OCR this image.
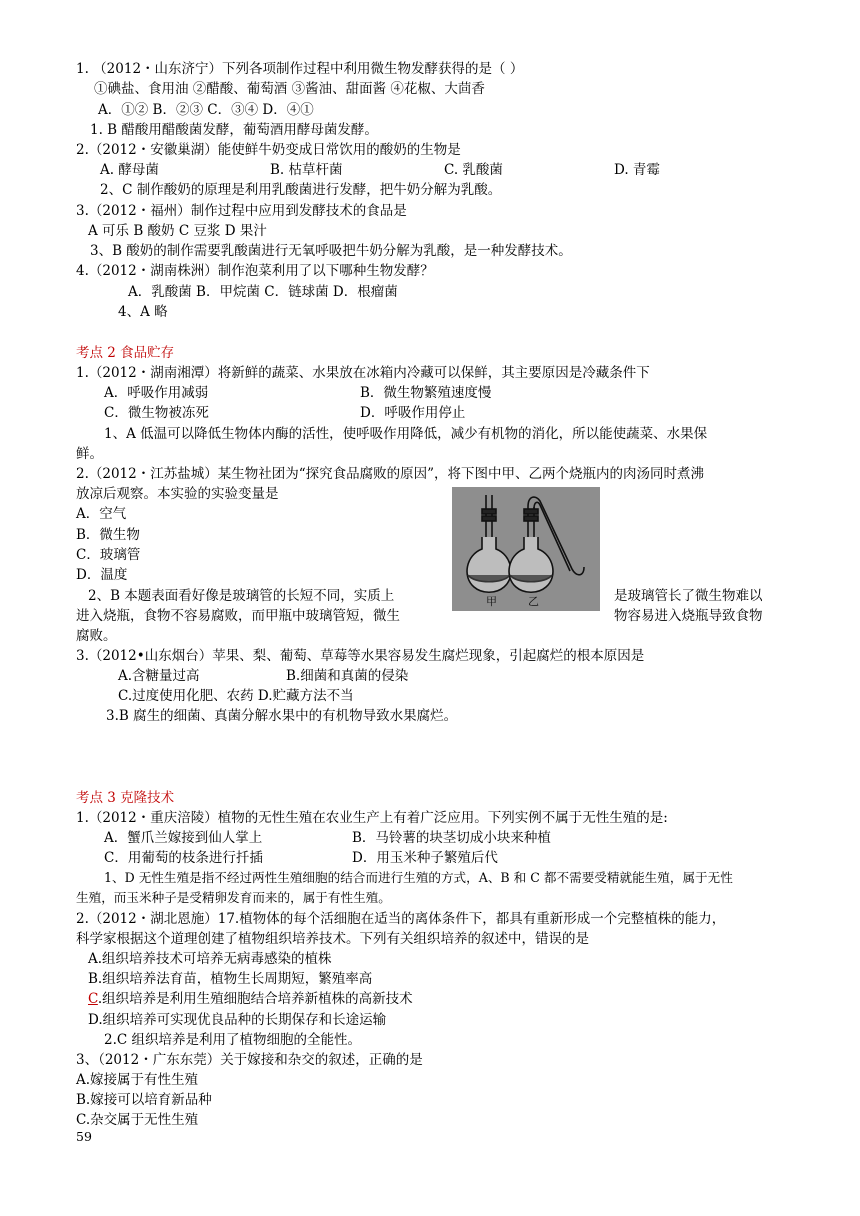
1. （2012・山东济宁）下列各项制作过程中利用微生物发酵获得的是（ ）
①碘盐、食用油 ②醋酸、葡萄酒 ③酱油、甜面酱 ④花椒、大茴香
A．①② B．②③ C．③④ D．④①
1. B 醋酸用醋酸菌发酵，葡萄酒用酵母菌发酵。
2.（2012・安徽巢湖）能使鲜牛奶变成日常饮用的酸奶的生物是
A. 酵母菌	B. 枯草杆菌	C. 乳酸菌	D. 青霉
2、C 制作酸奶的原理是利用乳酸菌进行发酵，把牛奶分解为乳酸。
3.（2012・福州）制作过程中应用到发酵技术的食品是
A 可乐 B 酸奶 C 豆浆 D 果汁
3、B 酸奶的制作需要乳酸菌进行无氧呼吸把牛奶分解为乳酸，是一种发酵技术。
4.（2012・湖南株洲）制作泡菜利用了以下哪种生物发酵？
A．乳酸菌 B．甲烷菌 C．链球菌 D．根瘤菌
4、A 略
考点 2 食品贮存
1.（2012・湖南湘潭）将新鲜的蔬菜、水果放在冰箱内冷藏可以保鲜，其主要原因是冷藏条件下
A．呼吸作用减弱	B．微生物繁殖速度慢
C．微生物被冻死	D．呼吸作用停止
1、A 低温可以降低生物体内酶的活性，使呼吸作用降低，减少有机物的消化，所以能使蔬菜、水果保
鲜。
2.（2012・江苏盐城）某生物社团为“探究食品腐败的原因”，将下图中甲、乙两个烧瓶内的肉汤同时煮沸
放凉后观察。本实验的实验变量是
A．空气
B．微生物
C．玻璃管
D．温度
2、B 本题表面看好像是玻璃管的长短不同，实质上	是玻璃管长了微生物难以
进入烧瓶，食物不容易腐败，而甲瓶中玻璃管短，微生	物容易进入烧瓶导致食物
腐败。
甲	乙
3.（2012•山东烟台）苹果、梨、葡萄、草莓等水果容易发生腐烂现象，引起腐烂的根本原因是
A.含糖量过高	B.细菌和真菌的侵染
C.过度使用化肥、农药 D.贮藏方法不当
3.B 腐生的细菌、真菌分解水果中的有机物导致水果腐烂。
考点 3 克隆技术
1.（2012・重庆涪陵）植物的无性生殖在农业生产上有着广泛应用。下列实例不属于无性生殖的是:
A．蟹爪兰嫁接到仙人掌上	B．马铃薯的块茎切成小块来种植
C．用葡萄的枝条进行扦插	D．用玉米种子繁殖后代
1、D 无性生殖是指不经过两性生殖细胞的结合而进行生殖的方式，A、B 和 C 都不需要受精就能生殖，属于无性
生殖，而玉米种子是受精卵发育而来的，属于有性生殖。
2.（2012・湖北恩施）17.植物体的每个活细胞在适当的离体条件下，都具有重新形成一个完整植株的能力，
科学家根据这个道理创建了植物组织培养技术。下列有关组织培养的叙述中，错误的是
A.组织培养技术可培养无病毒感染的植株
B.组织培养法育苗，植物生长周期短，繁殖率高
C.组织培养是利用生殖细胞结合培养新植株的高新技术
D.组织培养可实现优良品种的长期保存和长途运输
2.C 组织培养是利用了植物细胞的全能性。
3、（2012・广东东莞）关于嫁接和杂交的叙述，正确的是
A.嫁接属于有性生殖
B.嫁接可以培育新品种
C.杂交属于无性生殖
59
